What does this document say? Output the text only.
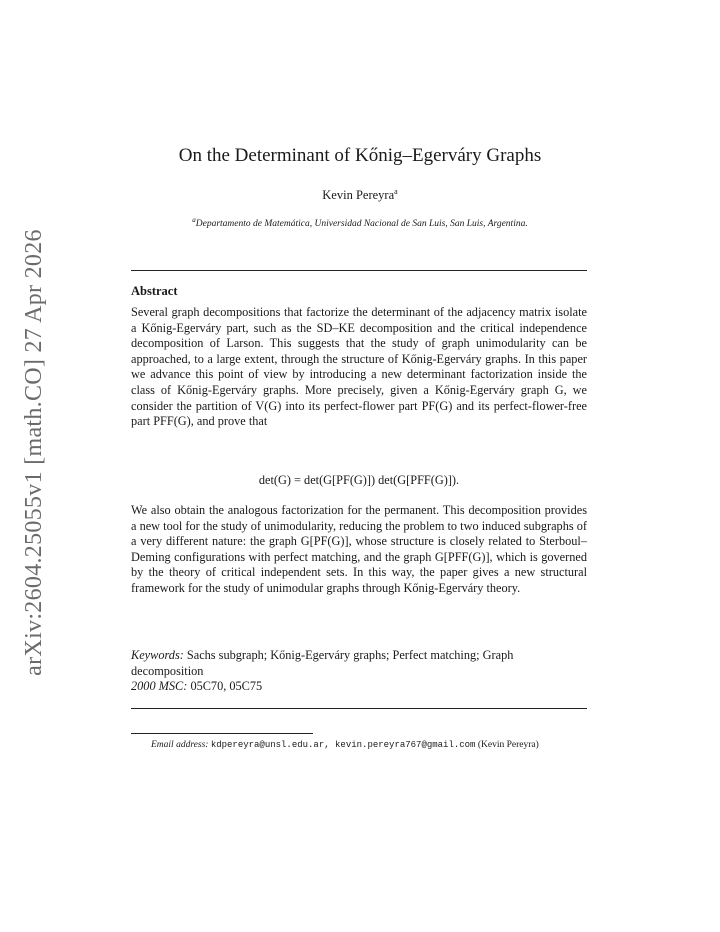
arXiv:2604.25055v1 [math.CO] 27 Apr 2026
On the Determinant of Kőnig–Egerváry Graphs
Kevin Pereyra$^a$
$^a$Departamento de Matemática, Universidad Nacional de San Luis, San Luis, Argentina.
Abstract

Several graph decompositions that factorize the determinant of the adjacency matrix isolate a Kőnig-Egerváry part, such as the SD–KE decomposition and the critical independence decomposition of Larson. This suggests that the study of graph unimodularity can be approached, to a large extent, through the structure of Kőnig-Egerváry graphs. In this paper we advance this point of view by introducing a new determinant factorization inside the class of Kőnig-Egerváry graphs. More precisely, given a Kőnig-Egerváry graph G, we consider the partition of V(G) into its perfect-flower part PF(G) and its perfect-flower-free part PFF(G), and prove that

det(G) = det(G[PF(G)]) det(G[PFF(G)]).

We also obtain the analogous factorization for the permanent. This decomposition provides a new tool for the study of unimodularity, reducing the problem to two induced subgraphs of a very different nature: the graph G[PF(G)], whose structure is closely related to Sterboul–Deming configurations with perfect matching, and the graph G[PFF(G)], which is governed by the theory of critical independent sets. In this way, the paper gives a new structural framework for the study of unimodular graphs through Kőnig-Egerváry theory.

Keywords: Sachs subgraph; Kőnig-Egerváry graphs; Perfect matching; Graph decomposition
2000 MSC: 05C70, 05C75
Email address: kdpereyra@unsl.edu.ar, kevin.pereyra767@gmail.com (Kevin Pereyra)
